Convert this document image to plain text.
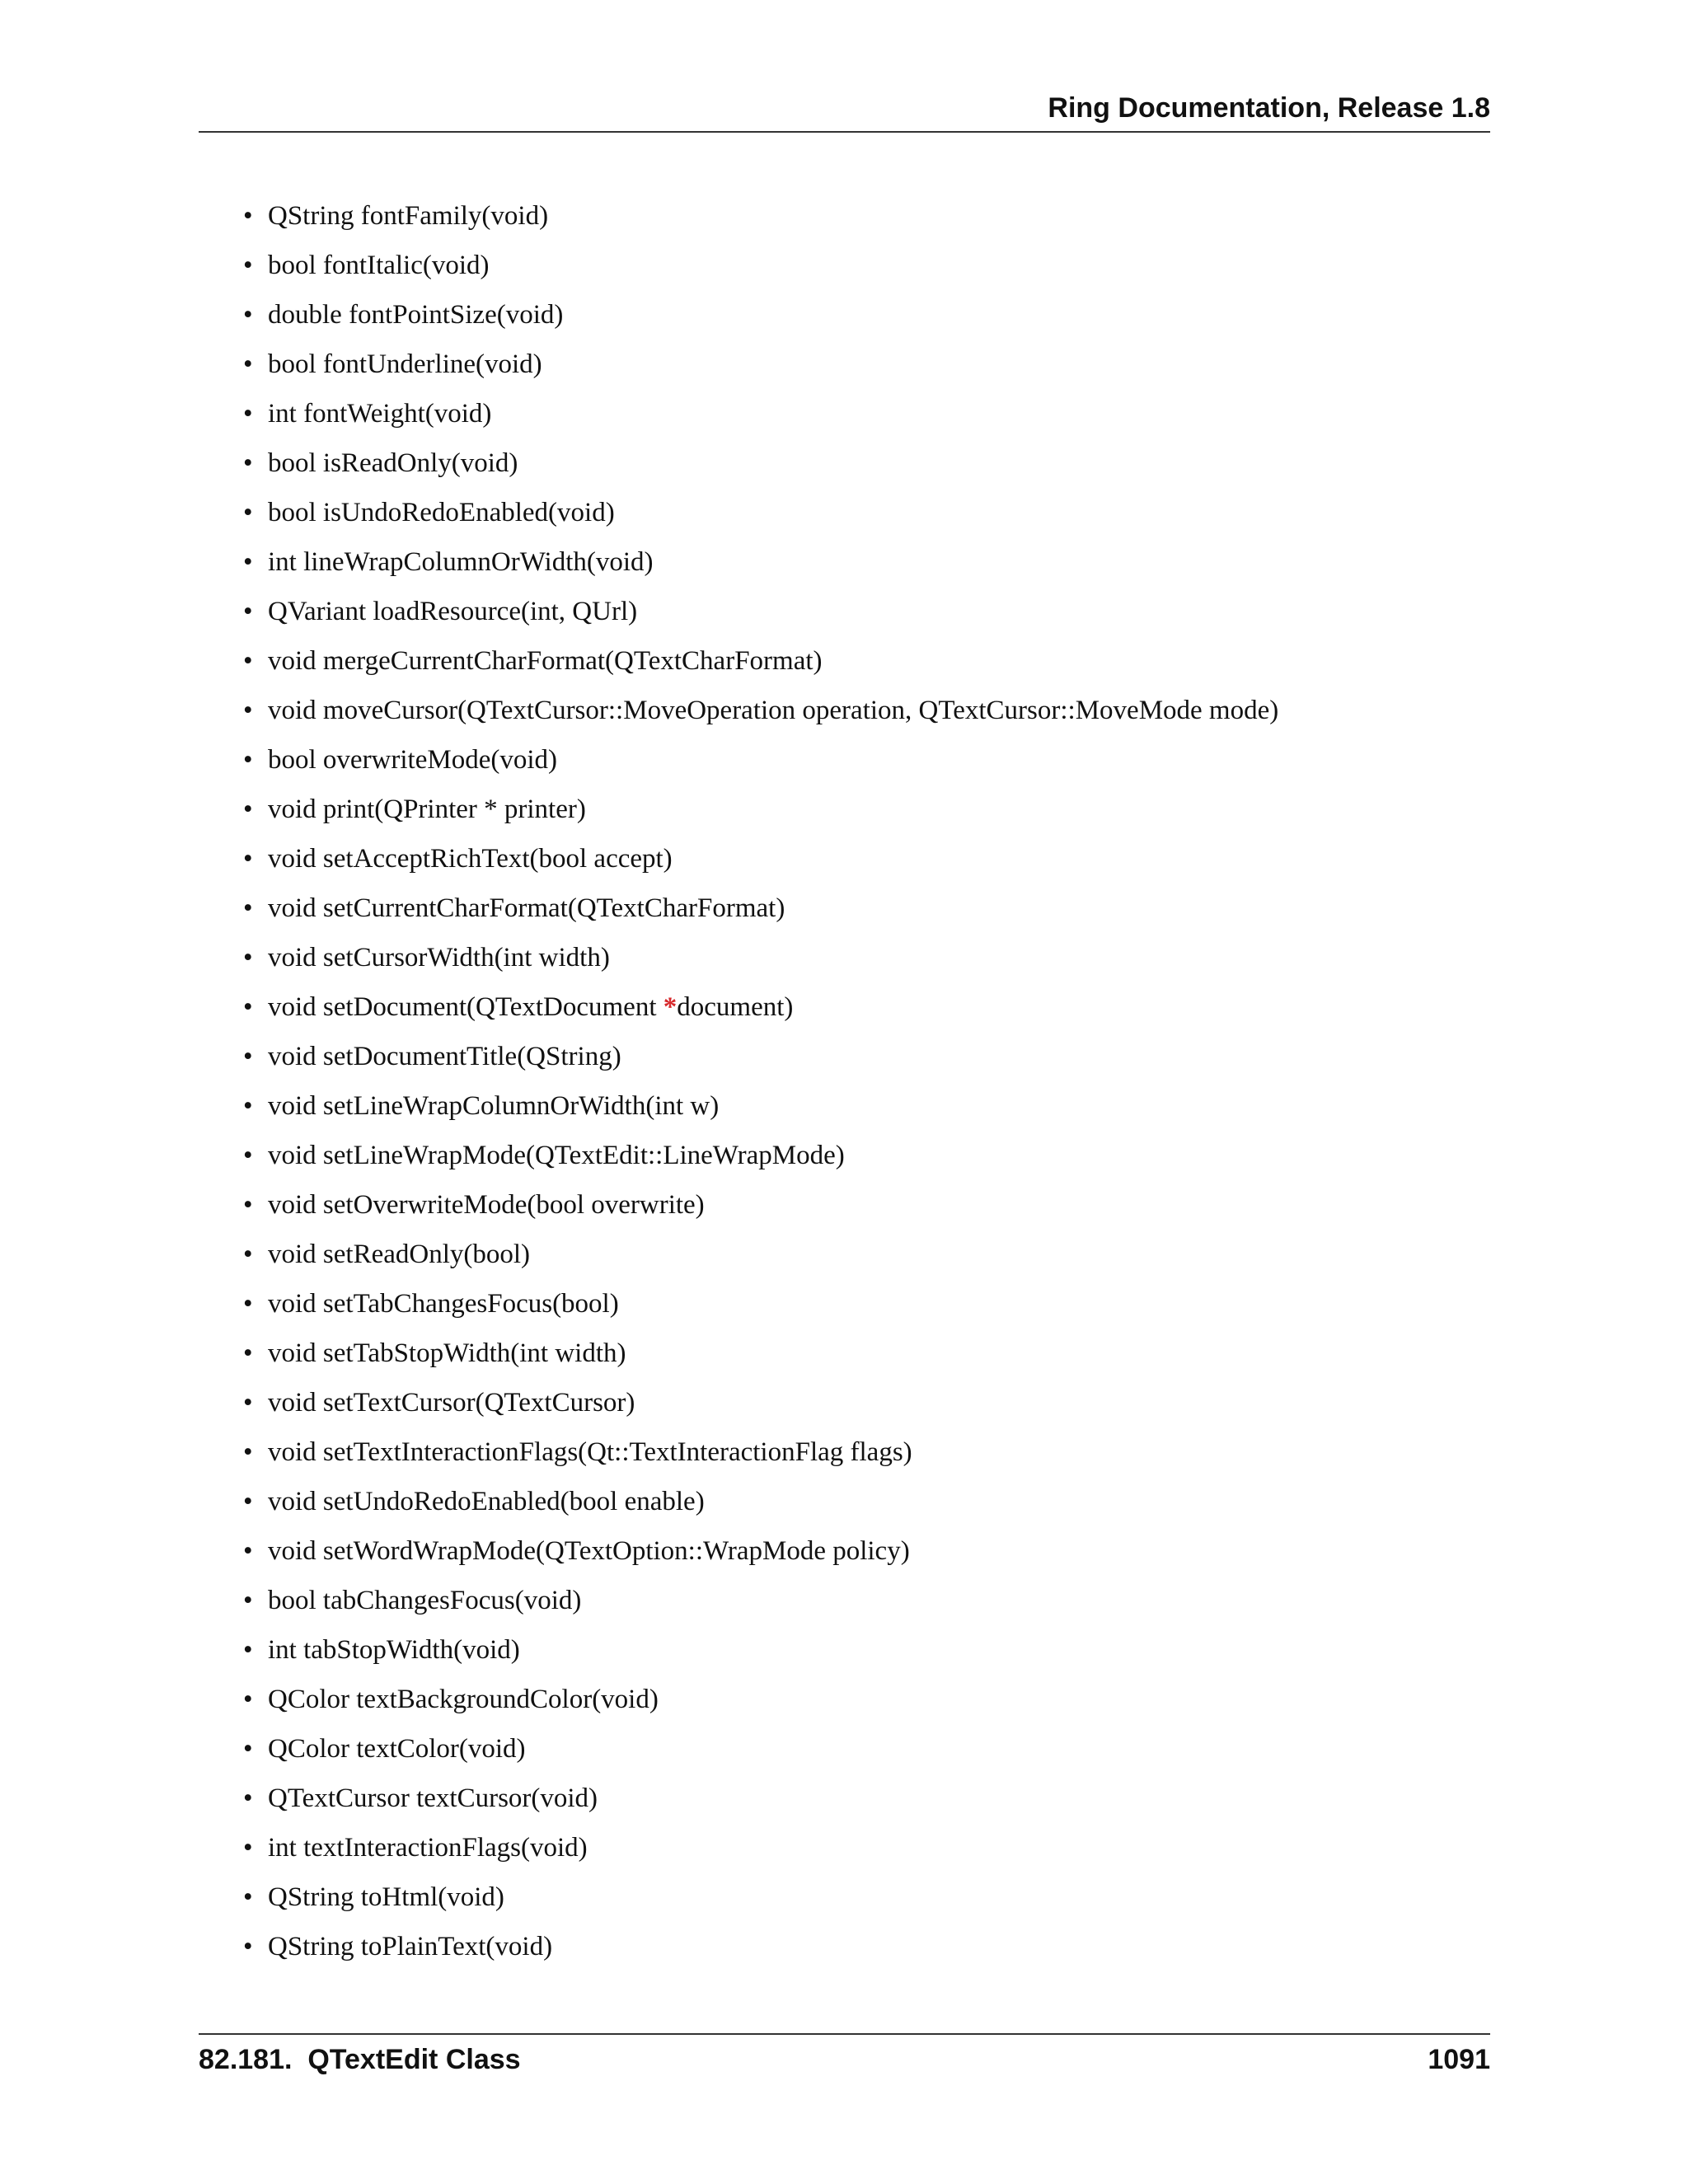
Ring Documentation, Release 1.8
• QString fontFamily(void)
• bool fontItalic(void)
• double fontPointSize(void)
• bool fontUnderline(void)
• int fontWeight(void)
• bool isReadOnly(void)
• bool isUndoRedoEnabled(void)
• int lineWrapColumnOrWidth(void)
• QVariant loadResource(int, QUrl)
• void mergeCurrentCharFormat(QTextCharFormat)
• void moveCursor(QTextCursor::MoveOperation operation, QTextCursor::MoveMode mode)
• bool overwriteMode(void)
• void print(QPrinter * printer)
• void setAcceptRichText(bool accept)
• void setCurrentCharFormat(QTextCharFormat)
• void setCursorWidth(int width)
• void setDocument(QTextDocument *document)
• void setDocumentTitle(QString)
• void setLineWrapColumnOrWidth(int w)
• void setLineWrapMode(QTextEdit::LineWrapMode)
• void setOverwriteMode(bool overwrite)
• void setReadOnly(bool)
• void setTabChangesFocus(bool)
• void setTabStopWidth(int width)
• void setTextCursor(QTextCursor)
• void setTextInteractionFlags(Qt::TextInteractionFlag flags)
• void setUndoRedoEnabled(bool enable)
• void setWordWrapMode(QTextOption::WrapMode policy)
• bool tabChangesFocus(void)
• int tabStopWidth(void)
• QColor textBackgroundColor(void)
• QColor textColor(void)
• QTextCursor textCursor(void)
• int textInteractionFlags(void)
• QString toHtml(void)
• QString toPlainText(void)
82.181.  QTextEdit Class	1091
